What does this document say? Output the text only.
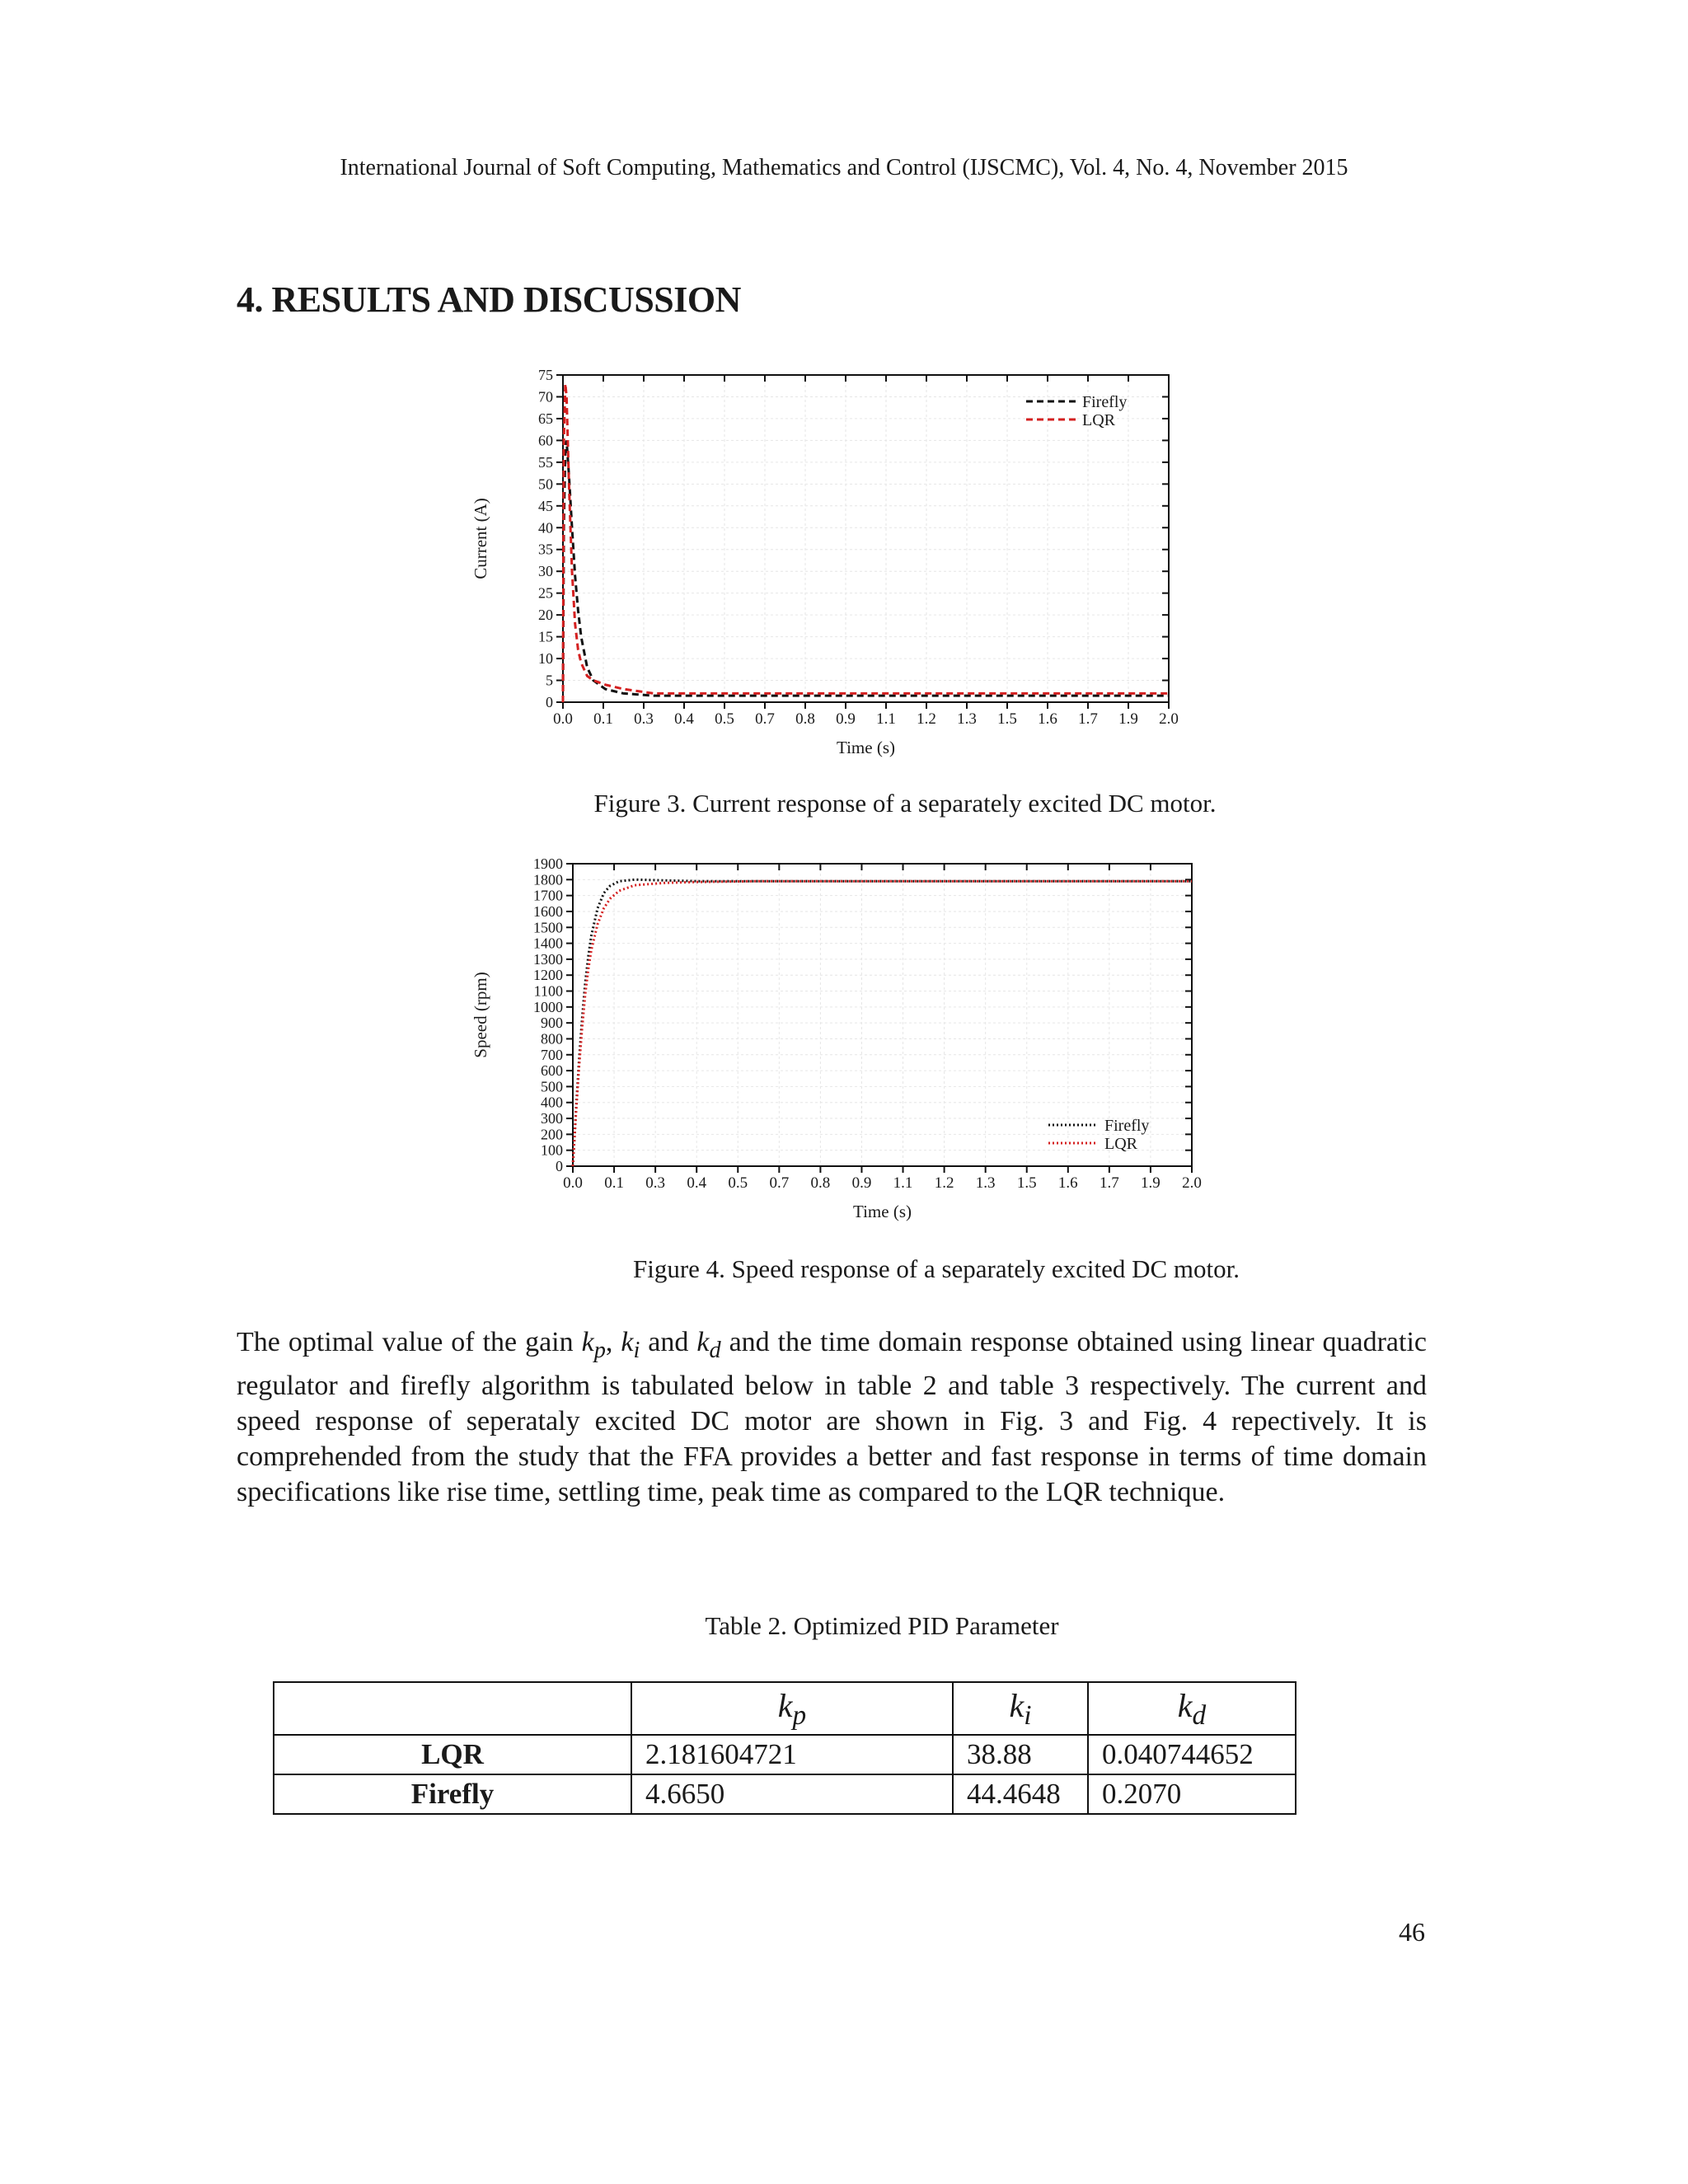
International Journal of Soft Computing, Mathematics and Control (IJSCMC), Vol. 4, No. 4, November 2015
4. RESULTS AND DISCUSSION
0.0 0.1 0.3 0.4 0.5 0.7 0.8 0.9 1.1 1.2 1.3 1.5 1.6 1.7 1.9 2.0
0
5
10
15
20
25
30
35
40
45
50
55
60
65
70
75
Time (s)
Current (A)
Firefly
LQR
Figure 3. Current response of a separately excited DC motor.
0.0 0.1 0.3 0.4 0.5 0.7 0.8 0.9 1.1 1.2 1.3 1.5 1.6 1.7 1.9 2.0
0
100
200
300
400
500
600
700
800
900
1000
1100
1200
1300
1400
1500
1600
1700
1800
1900
Time (s)
Speed (rpm)
Firefly
LQR
Figure 4. Speed response of a separately excited DC motor.

The optimal value of the gain $k_p$, $k_i$ and $k_d$ and the time domain response obtained using linear quadratic regulator and firefly algorithm is tabulated below in table 2 and table 3 respectively. The current and speed response of seperataly excited DC motor are shown in Fig. 3 and Fig. 4 repectively. It is comprehended from the study that the FFA provides a better and fast response in terms of time domain specifications like rise time, settling time, peak time as compared to the LQR technique.

Table 2. Optimized PID Parameter
	$k_p$	$k_i$	$k_d$
LQR	2.181604721	38.88	0.040744652
Firefly	4.6650	44.4648	0.2070
46
